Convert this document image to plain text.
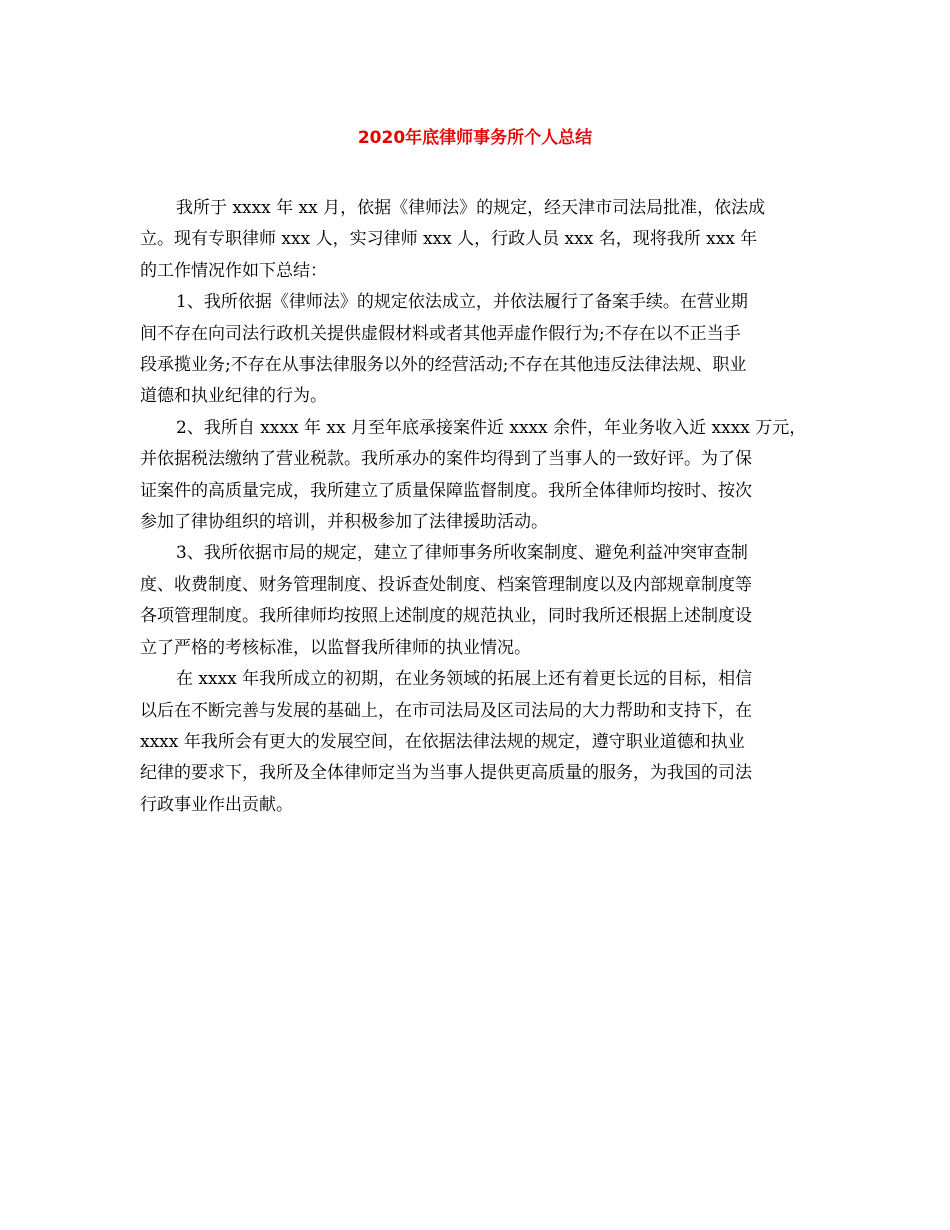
2020年底律师事务所个人总结

我所于 xxxx 年 xx 月，依据《律师法》的规定，经天津市司法局批准，依法成
立。现有专职律师 xxx 人，实习律师 xxx 人，行政人员 xxx 名，现将我所 xxx 年
的工作情况作如下总结：

1、我所依据《律师法》的规定依法成立，并依法履行了备案手续。在营业期
间不存在向司法行政机关提供虚假材料或者其他弄虚作假行为;不存在以不正当手
段承揽业务;不存在从事法律服务以外的经营活动;不存在其他违反法律法规、职业
道德和执业纪律的行为。

2、我所自 xxxx 年 xx 月至年底承接案件近 xxxx 余件，年业务收入近 xxxx 万元，
并依据税法缴纳了营业税款。我所承办的案件均得到了当事人的一致好评。为了保
证案件的高质量完成，我所建立了质量保障监督制度。我所全体律师均按时、按次
参加了律协组织的培训，并积极参加了法律援助活动。

3、我所依据市局的规定，建立了律师事务所收案制度、避免利益冲突审查制
度、收费制度、财务管理制度、投诉查处制度、档案管理制度以及内部规章制度等
各项管理制度。我所律师均按照上述制度的规范执业，同时我所还根据上述制度设
立了严格的考核标准，以监督我所律师的执业情况。

在 xxxx 年我所成立的初期，在业务领域的拓展上还有着更长远的目标，相信
以后在不断完善与发展的基础上，在市司法局及区司法局的大力帮助和支持下，在
xxxx 年我所会有更大的发展空间，在依据法律法规的规定，遵守职业道德和执业
纪律的要求下，我所及全体律师定当为当事人提供更高质量的服务，为我国的司法
行政事业作出贡献。
